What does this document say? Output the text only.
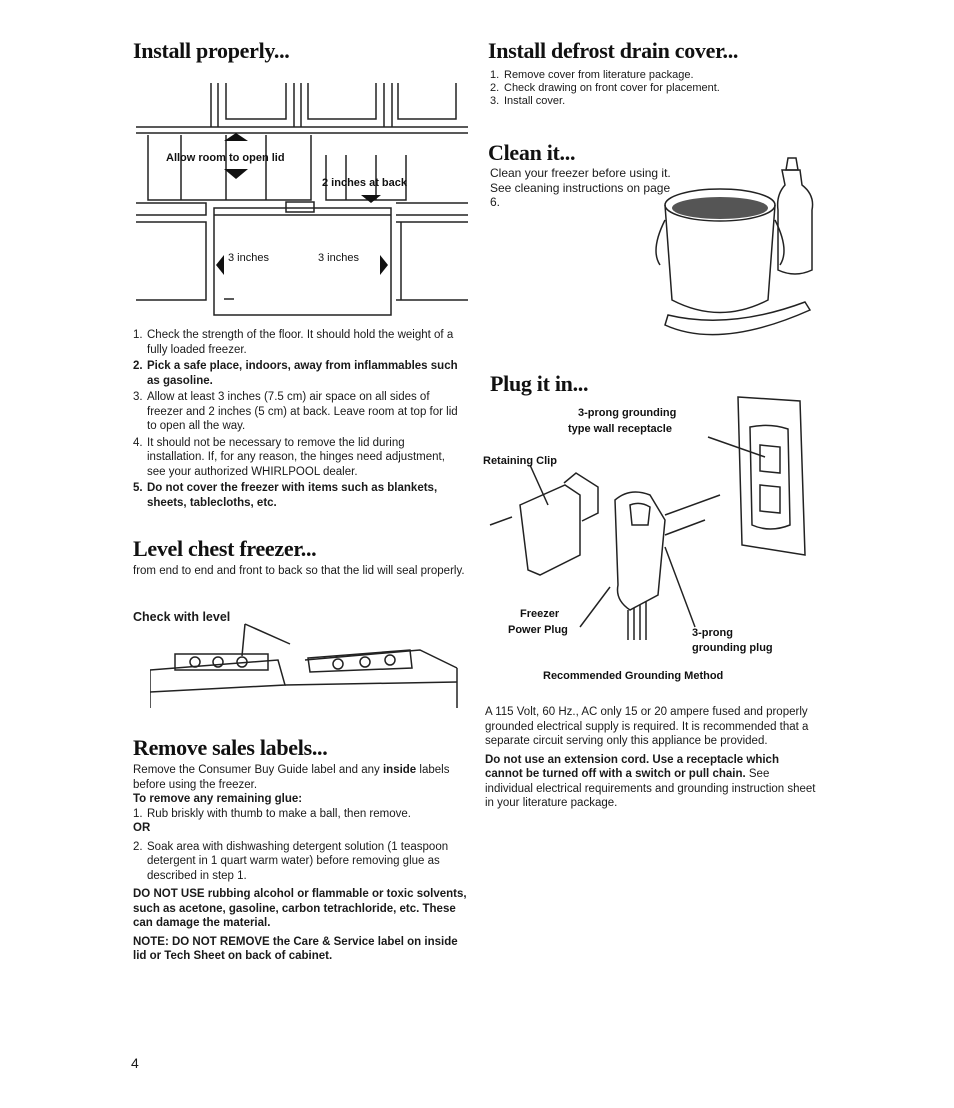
Install properly...
Allow room to open lid
2 inches at back
3 inches	3 inches
1. Check the strength of the floor. It should hold the weight of a fully loaded freezer.
2. Pick a safe place, indoors, away from inflammables such as gasoline.
3. Allow at least 3 inches (7.5 cm) air space on all sides of freezer and 2 inches (5 cm) at back. Leave room at top for lid to open all the way.
4. It should not be necessary to remove the lid during installation. If, for any reason, the hinges need adjustment, see your authorized WHIRLPOOL dealer.
5. Do not cover the freezer with items such as blankets, sheets, tablecloths, etc.
Level chest freezer...

from end to end and front to back so that the lid will seal properly.

Check with level
Remove sales labels...

Remove the Consumer Buy Guide label and any inside labels before using the freezer.

To remove any remaining glue:

1. Rub briskly with thumb to make a ball, then remove.

OR

2. Soak area with dishwashing detergent solution (1 teaspoon detergent in 1 quart warm water) before removing glue as described in step 1.

DO NOT USE rubbing alcohol or flammable or toxic solvents, such as acetone, gasoline, carbon tetrachloride, etc. These can damage the material.

NOTE: DO NOT REMOVE the Care & Service label on inside lid or Tech Sheet on back of cabinet.

4
Install defrost drain cover...
1. Remove cover from literature package.
2. Check drawing on front cover for placement.
3. Install cover.
Clean it...

Clean your freezer before using it. See cleaning instructions on page 6.

Plug it in...
3-prong grounding
type wall receptacle
Retaining Clip
Freezer
Power Plug	3-prong
grounding plug
Recommended Grounding Method

A 115 Volt, 60 Hz., AC only 15 or 20 ampere fused and properly grounded electrical supply is required. It is recommended that a separate circuit serving only this appliance be provided.

Do not use an extension cord. Use a receptacle which cannot be turned off with a switch or pull chain. See individual electrical requirements and grounding instruction sheet in your literature package.
